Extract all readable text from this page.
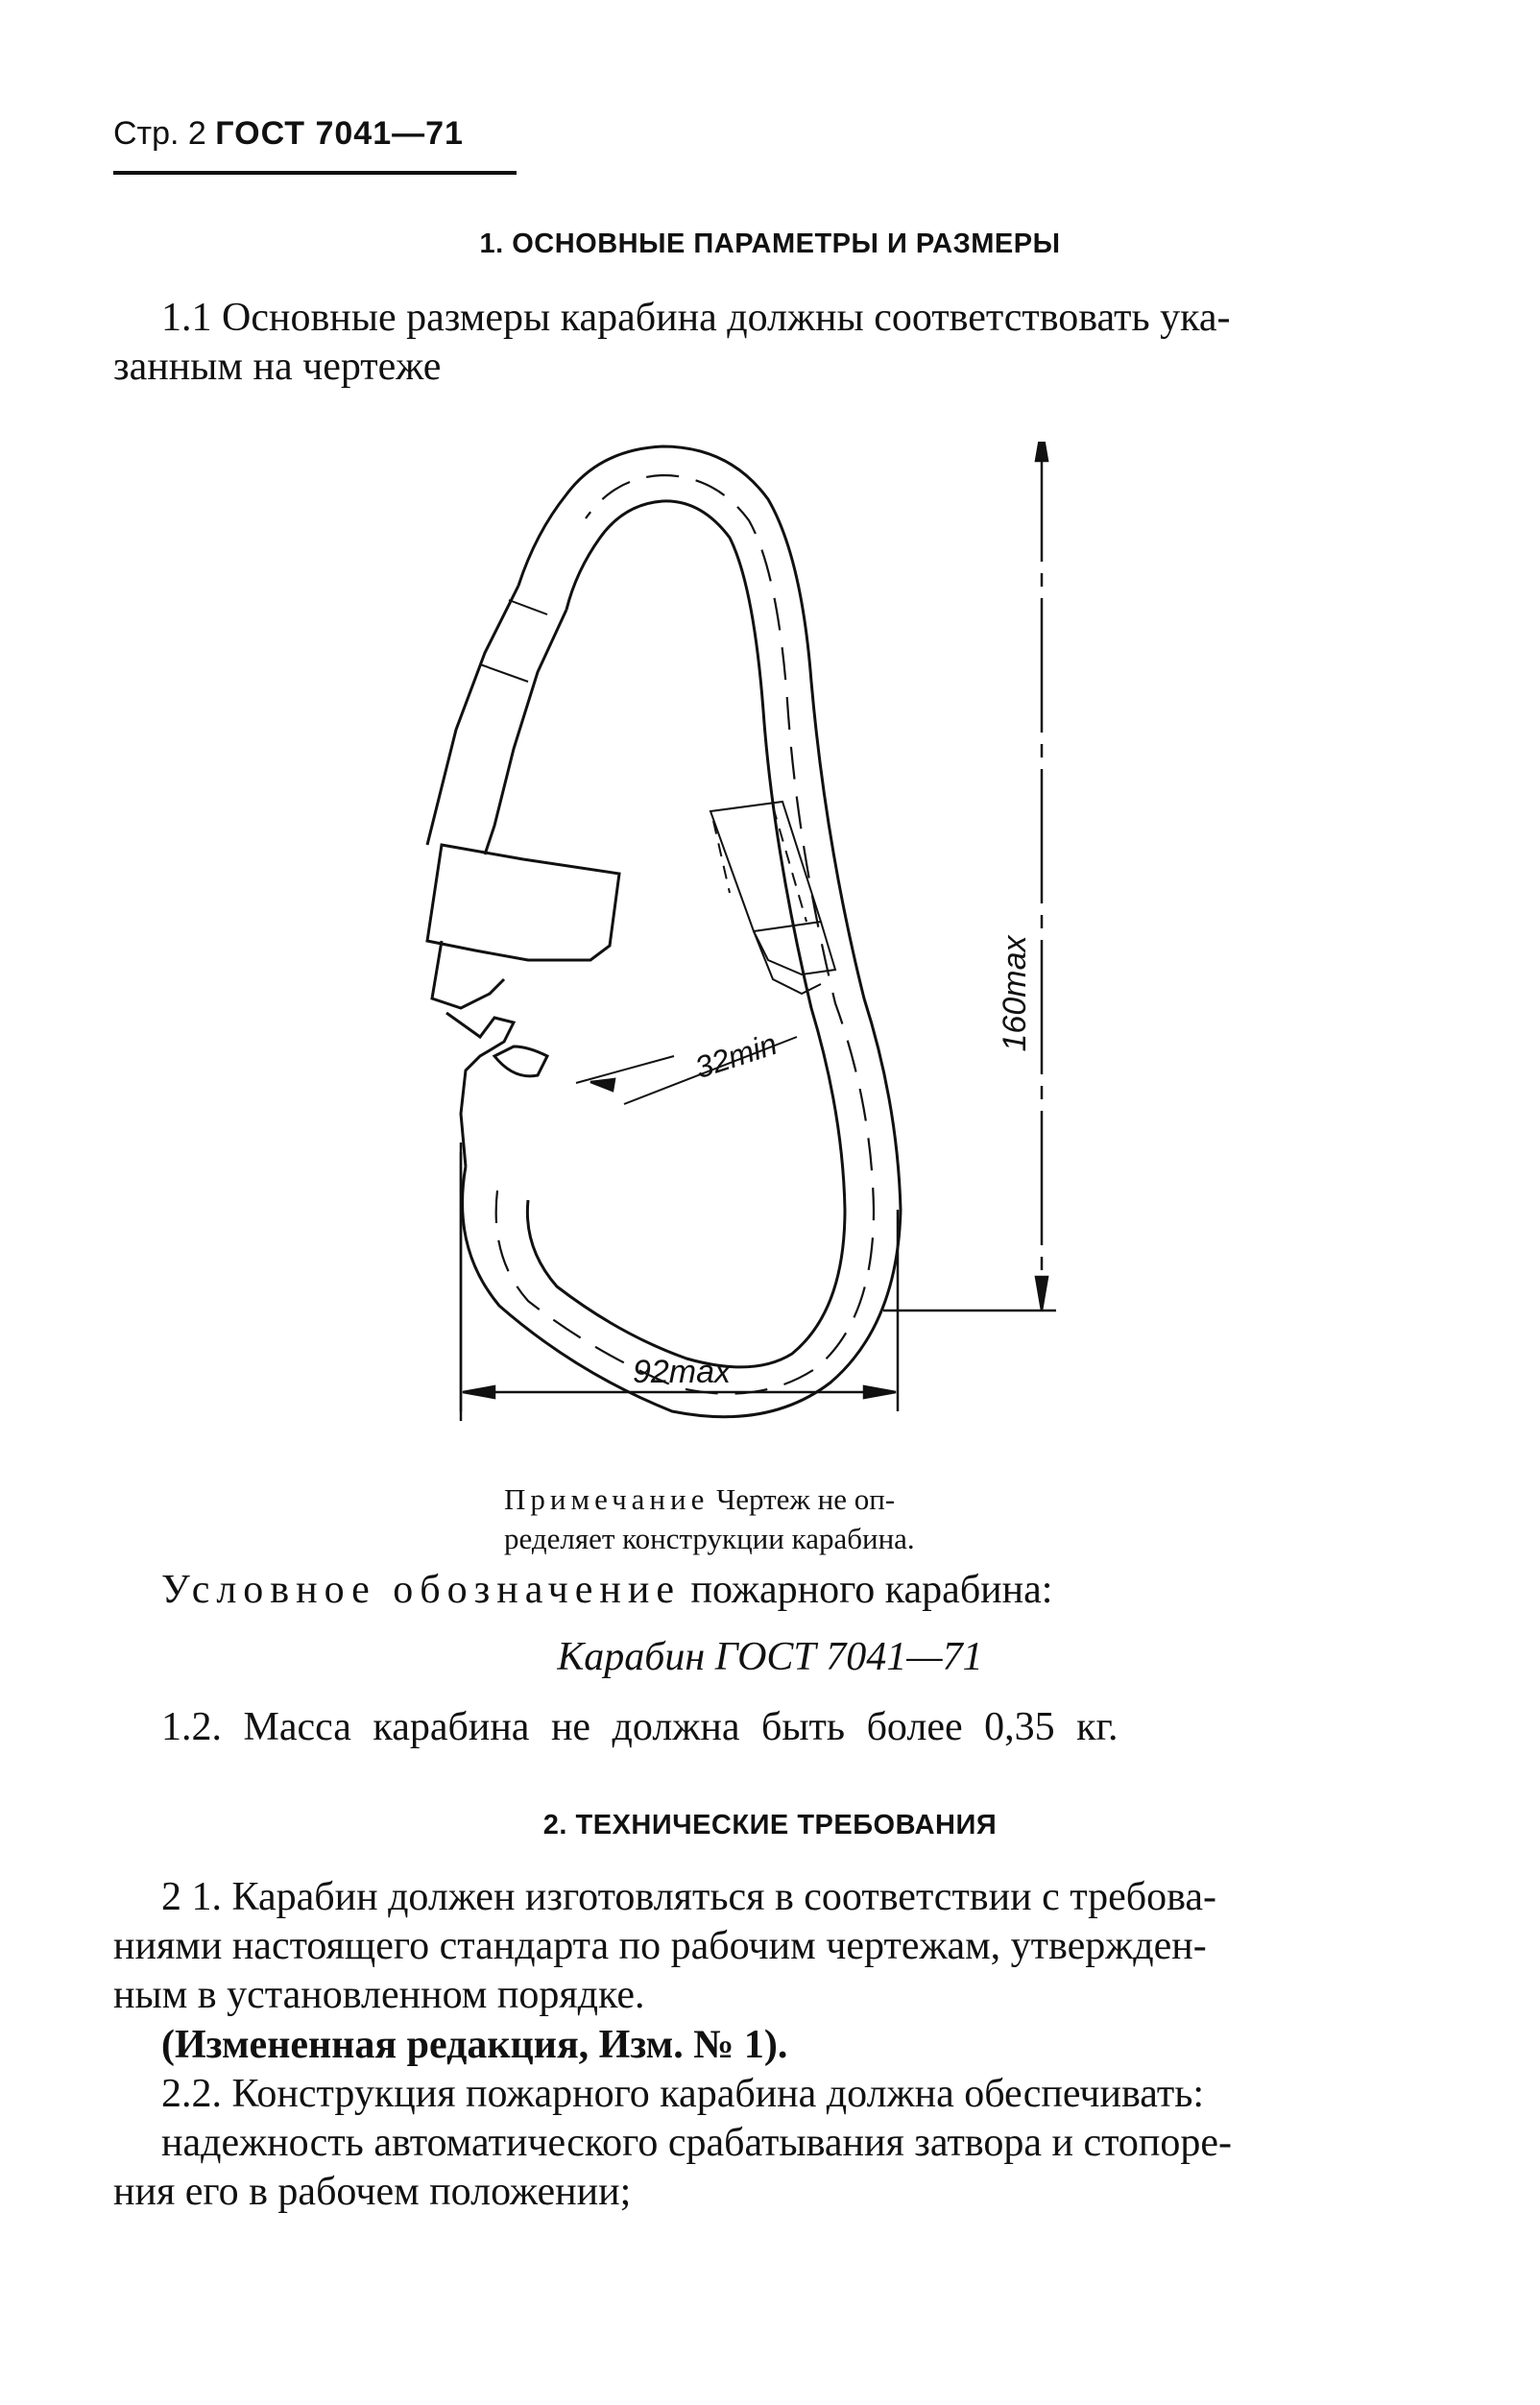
Стр. 2 ГОСТ 7041—71
1. ОСНОВНЫЕ ПАРАМЕТРЫ И РАЗМЕРЫ
1.1 Основные размеры карабина должны соответствовать ука-
занным на чертеже
160max
92max
32min
Примечание Чертеж не оп-
ределяет конструкции карабина.
Условное обозначение пожарного карабина:
Карабин ГОСТ 7041—71
1.2. Масса карабина не должна быть более 0,35 кг.
2. ТЕХНИЧЕСКИЕ ТРЕБОВАНИЯ
2 1. Карабин должен изготовляться в соответствии с требова-
ниями настоящего стандарта по рабочим чертежам, утвержден-
ным в установленном порядке.
(Измененная редакция, Изм. № 1).
2.2. Конструкция пожарного карабина должна обеспечивать:
надежность автоматического срабатывания затвора и стопоре-
ния его в рабочем положении;
